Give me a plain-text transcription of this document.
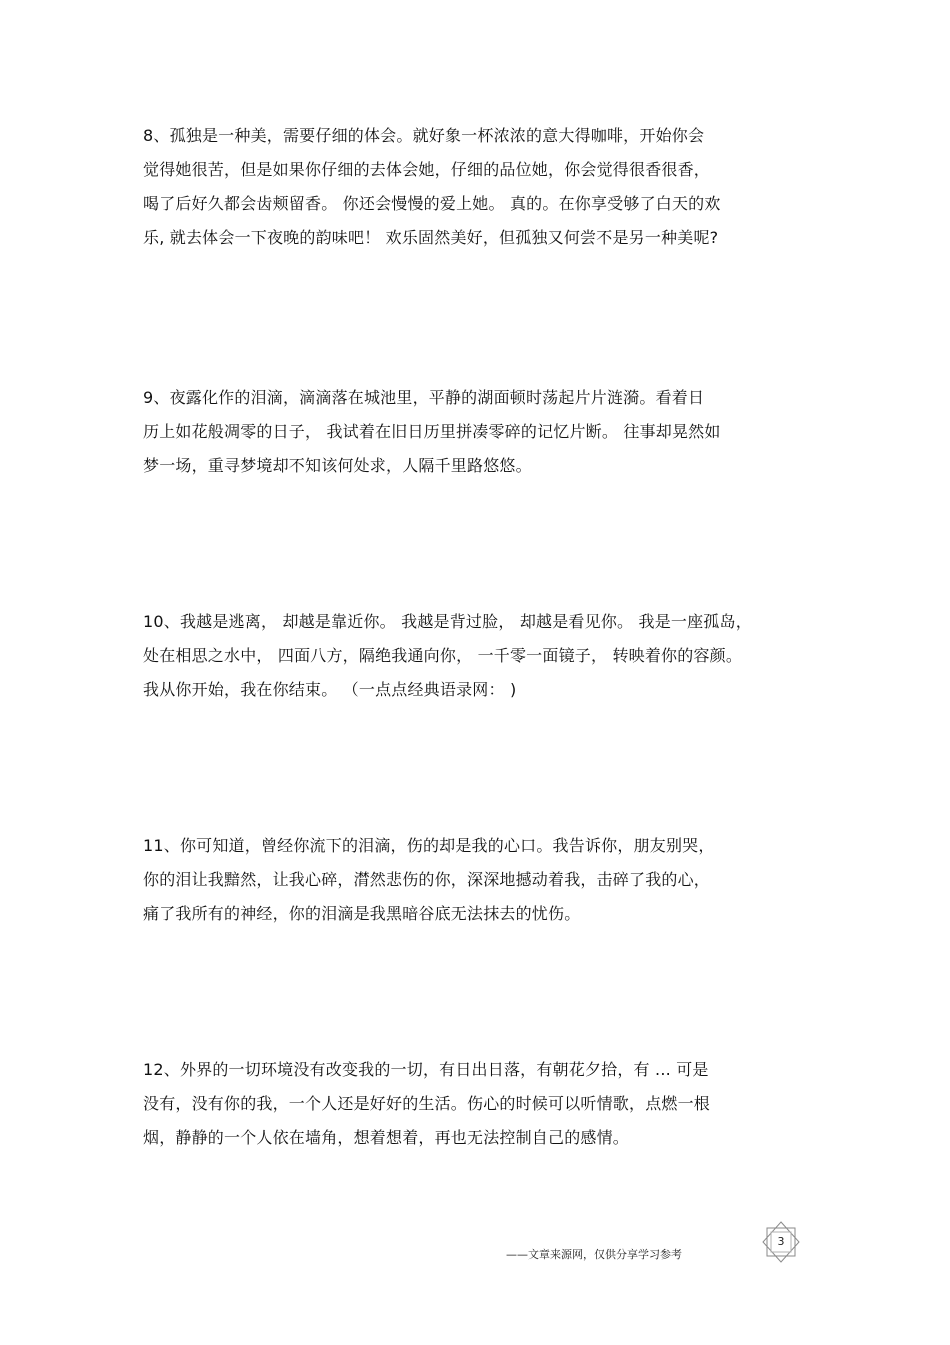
8、孤独是一种美，需要仔细的体会。就好象一杯浓浓的意大得咖啡，开始你会
觉得她很苦，但是如果你仔细的去体会她，仔细的品位她，你会觉得很香很香，
喝了后好久都会齿颊留香。 你还会慢慢的爱上她。 真的。在你享受够了白天的欢
乐, 就去体会一下夜晚的韵味吧！ 欢乐固然美好，但孤独又何尝不是另一种美呢?
9、夜露化作的泪滴，滴滴落在城池里，平静的湖面顿时荡起片片涟漪。看着日
历上如花般凋零的日子， 我试着在旧日历里拼凑零碎的记忆片断。 往事却晃然如
梦一场，重寻梦境却不知该何处求，人隔千里路悠悠。
10、我越是逃离， 却越是靠近你。 我越是背过脸， 却越是看见你。 我是一座孤岛，
处在相思之水中， 四面八方，隔绝我通向你， 一千零一面镜子， 转映着你的容颜。
我从你开始，我在你结束。 （一点点经典语录网： )
11、你可知道，曾经你流下的泪滴，伤的却是我的心口。我告诉你，朋友别哭，
你的泪让我黯然，让我心碎，潸然悲伤的你，深深地撼动着我，击碎了我的心，
痛了我所有的神经，你的泪滴是我黑暗谷底无法抹去的忧伤。
12、外界的一切环境没有改变我的一切，有日出日落，有朝花夕拾，有 ... 可是
没有，没有你的我，一个人还是好好的生活。伤心的时候可以听情歌，点燃一根
烟，静静的一个人依在墙角，想着想着，再也无法控制自己的感情。
——文章来源网，仅供分享学习参考
3
